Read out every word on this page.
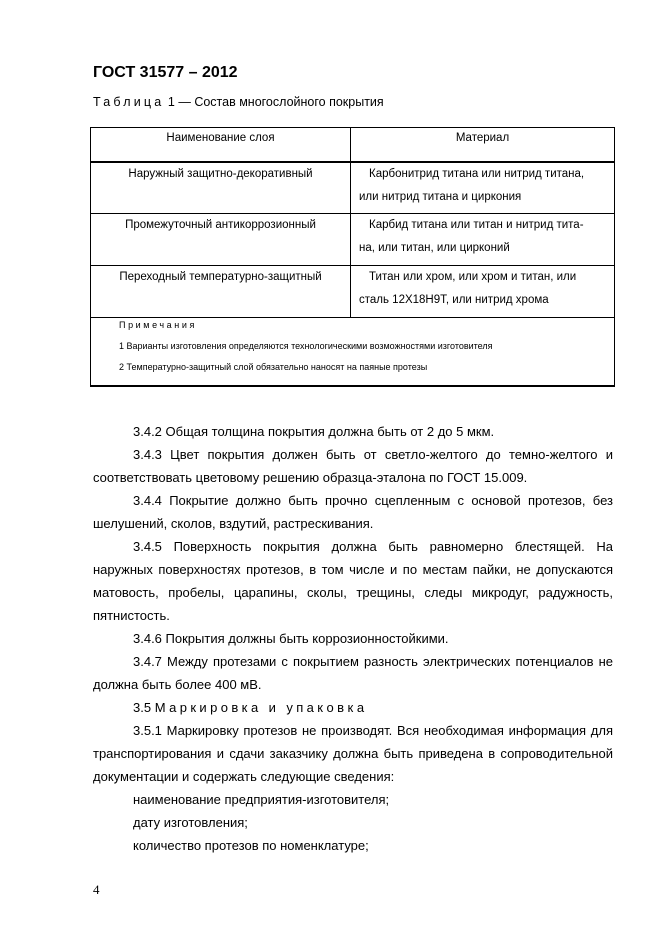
ГОСТ 31577 – 2012
Таблица 1 — Состав многослойного покрытия
Наименование слоя	Материал
Наружный защитно-декоративный	Карбонитрид титана или нитрид титана,
или нитрид титана и циркония
Промежуточный антикоррозионный	Карбид титана или титан и нитрид тита-
на, или титан, или цирконий
Переходный температурно-защитный	Титан или хром, или хром и титан, или
сталь 12Х18Н9Т, или нитрид хрома

Примечания
1 Варианты изготовления определяются технологическими возможностями изготовителя
2 Температурно-защитный слой обязательно наносят на паяные протезы	

3.4.2 Общая толщина покрытия должна быть от 2 до 5 мкм.

3.4.3 Цвет покрытия должен быть от светло-желтого до темно-желтого и соответствовать цветовому решению образца-эталона по ГОСТ 15.009.

3.4.4 Покрытие должно быть прочно сцепленным с основой протезов, без шелушений, сколов, вздутий, растрескивания.

3.4.5 Поверхность покрытия должна быть равномерно блестящей. На наружных поверхностях протезов, в том числе и по местам пайки, не допускаются матовость, пробелы, царапины, сколы, трещины, следы микродуг, радужность, пятнистость.

3.4.6 Покрытия должны быть коррозионностойкими.

3.4.7 Между протезами с покрытием разность электрических потенциалов не должна быть более 400 мВ.

3.5 Маркировка и упаковка

3.5.1 Маркировку протезов не производят. Вся необходимая информация для транспортирования и сдачи заказчику должна быть приведена в сопроводительной документации и содержать следующие сведения:

наименование предприятия-изготовителя;

дату изготовления;

количество протезов по номенклатуре;

4
